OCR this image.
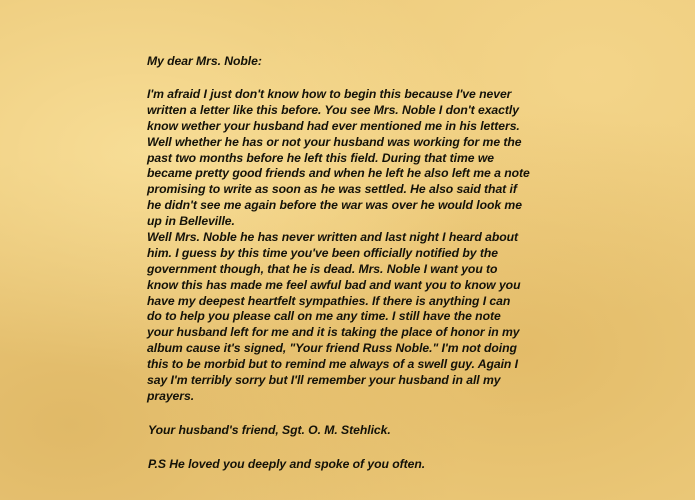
My dear Mrs. Noble:

I'm afraid I just don't know how to begin this because I've never
written a letter like this before. You see Mrs. Noble I don't exactly
know wether your husband had ever mentioned me in his letters.
Well whether he has or not your husband was working for me the
past two months before he left this field. During that time we
became pretty good friends and when he left he also left me a note
promising to write as soon as he was settled. He also said that if
he didn't see me again before the war was over he would look me
up in Belleville.
Well Mrs. Noble he has never written and last night I heard about
him. I guess by this time you've been officially notified by the
government though, that he is dead. Mrs. Noble I want you to
know this has made me feel awful bad and want you to know you
have my deepest heartfelt sympathies. If there is anything I can
do to help you please call on me any time. I still have the note
your husband left for me and it is taking the place of honor in my
album cause it's signed, "Your friend Russ Noble." I'm not doing
this to be morbid but to remind me always of a swell guy. Again I
say I'm terribly sorry but I'll remember your husband in all my
prayers.

Your husband's friend, Sgt. O. M. Stehlick.

P.S He loved you deeply and spoke of you often.
